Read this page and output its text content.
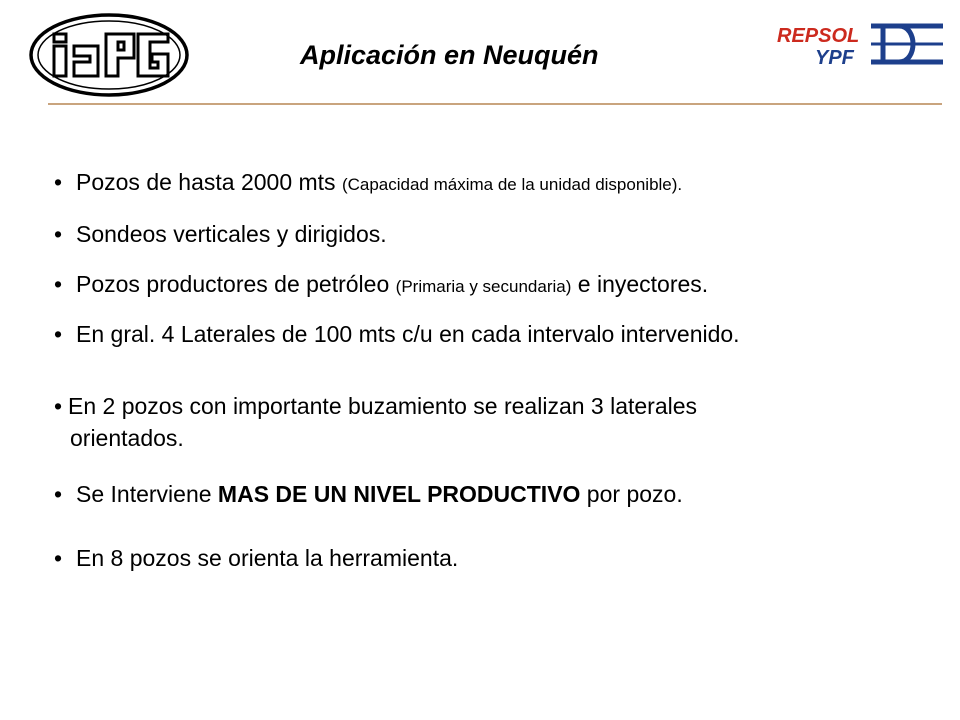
Aplicación en Neuquén
REPSOL
YPF
• Pozos de hasta 2000 mts (Capacidad máxima de la unidad disponible).
• Sondeos verticales y dirigidos.
• Pozos productores de petróleo (Primaria y secundaria) e inyectores.
• En gral. 4 Laterales de 100 mts c/u en cada intervalo intervenido.
• En 2 pozos con importante buzamiento se realizan 3 laterales
orientados.
• Se Interviene MAS DE UN NIVEL PRODUCTIVO por pozo.
• En 8 pozos se orienta la herramienta.
